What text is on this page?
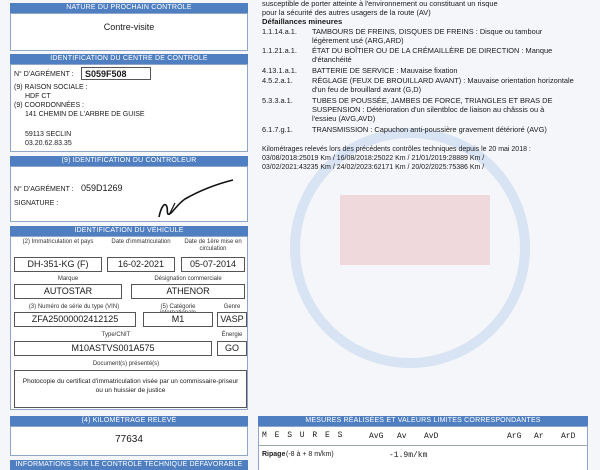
NATURE DU PROCHAIN CONTRÔLE
Contre-visite
IDENTIFICATION DU CENTRE DE CONTRÔLE
N° D'AGRÉMENT :	S059F508
(9) RAISON SOCIALE :
HDF CT
(9) COORDONNÉES :
141 CHEMIN DE L'ARBRE DE GUISE
59113 SECLIN
03.20.62.83.35
(9) IDENTIFICATION DU CONTRÔLEUR
N° D'AGRÉMENT : 059D1269
SIGNATURE :
IDENTIFICATION DU VÉHICULE
(2) Immatriculation et pays	Date d'immatriculation	Date de 1ère mise en circulation
DH-351-KG (F)	16-02-2021	05-07-2014
Marque	Désignation commerciale
AUTOSTAR	ATHENOR
(3) Numéro de série du type (VIN)	(5) Catégorie	Genre
ZFA25000002412125	M1	VASP
Type/CNIT	Énergie
M10ASTVS001A575	GO
Document(s) présenté(s)
Photocopie du certificat d'immatriculation visée par un commissaire-priseur ou un huissier de justice
(4) KILOMÉTRAGE RELEVÉ
77634
INFORMATIONS SUR LE CONTRÔLE TECHNIQUE DÉFAVORABLE
susceptible de porter atteinte à l'environnement ou constituant un risque
pour la sécurité des autres usagers de la route (AV)
Défaillances mineures
1.1.14.a.1.	TAMBOURS DE FREINS, DISQUES DE FREINS : Disque ou tambour
légèrement usé (ARG,ARD)
1.1.21.a.1.	ÉTAT DU BOÎTIER OU DE LA CRÉMAILLÈRE DE DIRECTION : Manque
d'étanchéité
4.13.1.a.1.	BATTERIE DE SERVICE : Mauvaise fixation
4.5.2.a.1.	RÉGLAGE (FEUX DE BROUILLARD AVANT) : Mauvaise orientation horizontale
d'un feu de brouillard avant (G,D)
5.3.3.a.1.	TUBES DE POUSSÉE, JAMBES DE FORCE, TRIANGLES ET BRAS DE
SUSPENSION : Détérioration d'un silentbloc de liaison au châssis ou à
l'essieu (AVG,AVD)
6.1.7.g.1.	TRANSMISSION : Capuchon anti-poussière gravement détérioré (AVG)
Kilométrages relevés lors des précédents contrôles techniques depuis le 20 mai 2018 :
03/08/2018:25019 Km / 16/08/2018:25022 Km / 21/01/2019:28889 Km /
03/02/2021:43235 Km / 24/02/2023:62171 Km / 20/02/2025:75386 Km /
MESURES RÉALISÉES ET VALEURS LIMITES CORRESPONDANTES
M E S U R E S	AvG Av AvD	ArG Ar ArD
Ripage (-8 à + 8 m/km)	-1.9m/km
